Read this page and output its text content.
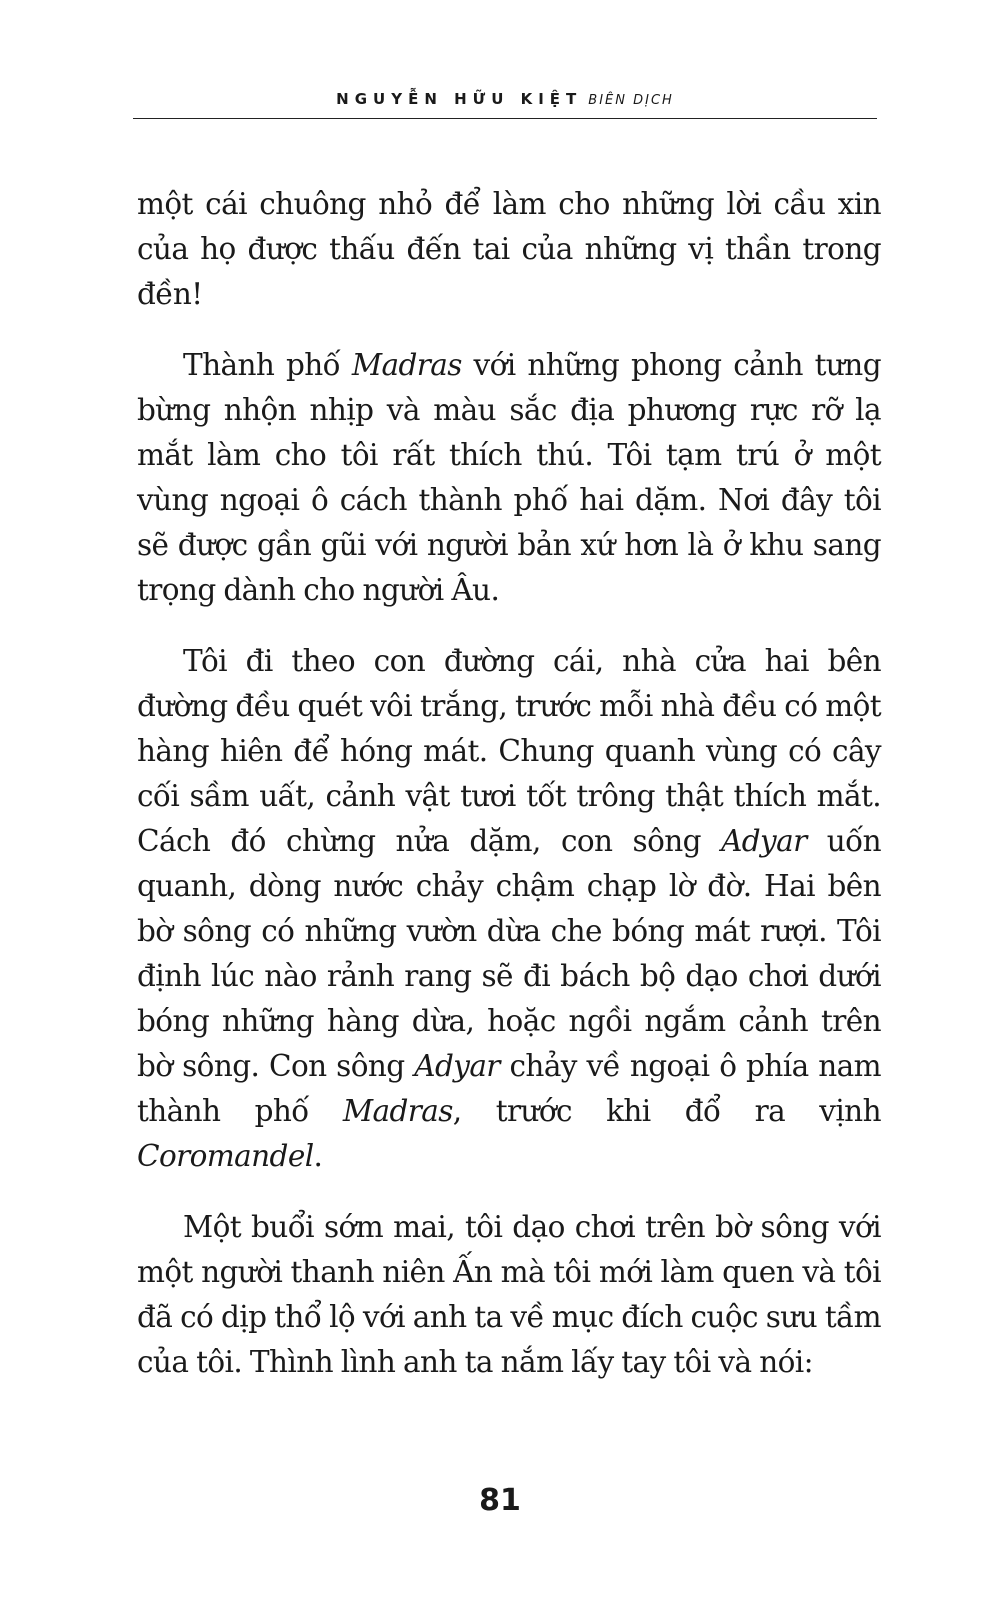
NGUYỄN HỮU KIỆT BIÊN DỊCH

một cái chuông nhỏ để làm cho những lời cầu xin của họ được thấu đến tai của những vị thần trong đền!

Thành phố Madras với những phong cảnh tưng bừng nhộn nhịp và màu sắc địa phương rực rỡ lạ mắt làm cho tôi rất thích thú. Tôi tạm trú ở một vùng ngoại ô cách thành phố hai dặm. Nơi đây tôi sẽ được gần gũi với người bản xứ hơn là ở khu sang trọng dành cho người Âu.

Tôi đi theo con đường cái, nhà cửa hai bên đường đều quét vôi trắng, trước mỗi nhà đều có một hàng hiên để hóng mát. Chung quanh vùng có cây cối sầm uất, cảnh vật tươi tốt trông thật thích mắt. Cách đó chừng nửa dặm, con sông Adyar uốn quanh, dòng nước chảy chậm chạp lờ đờ. Hai bên bờ sông có những vườn dừa che bóng mát rượi. Tôi định lúc nào rảnh rang sẽ đi bách bộ dạo chơi dưới bóng những hàng dừa, hoặc ngồi ngắm cảnh trên bờ sông. Con sông Adyar chảy về ngoại ô phía nam thành phố Madras, trước khi đổ ra vịnh Coromandel.

Một buổi sớm mai, tôi dạo chơi trên bờ sông với một người thanh niên Ấn mà tôi mới làm quen và tôi đã có dịp thổ lộ với anh ta về mục đích cuộc sưu tầm của tôi. Thình lình anh ta nắm lấy tay tôi và nói:

81
